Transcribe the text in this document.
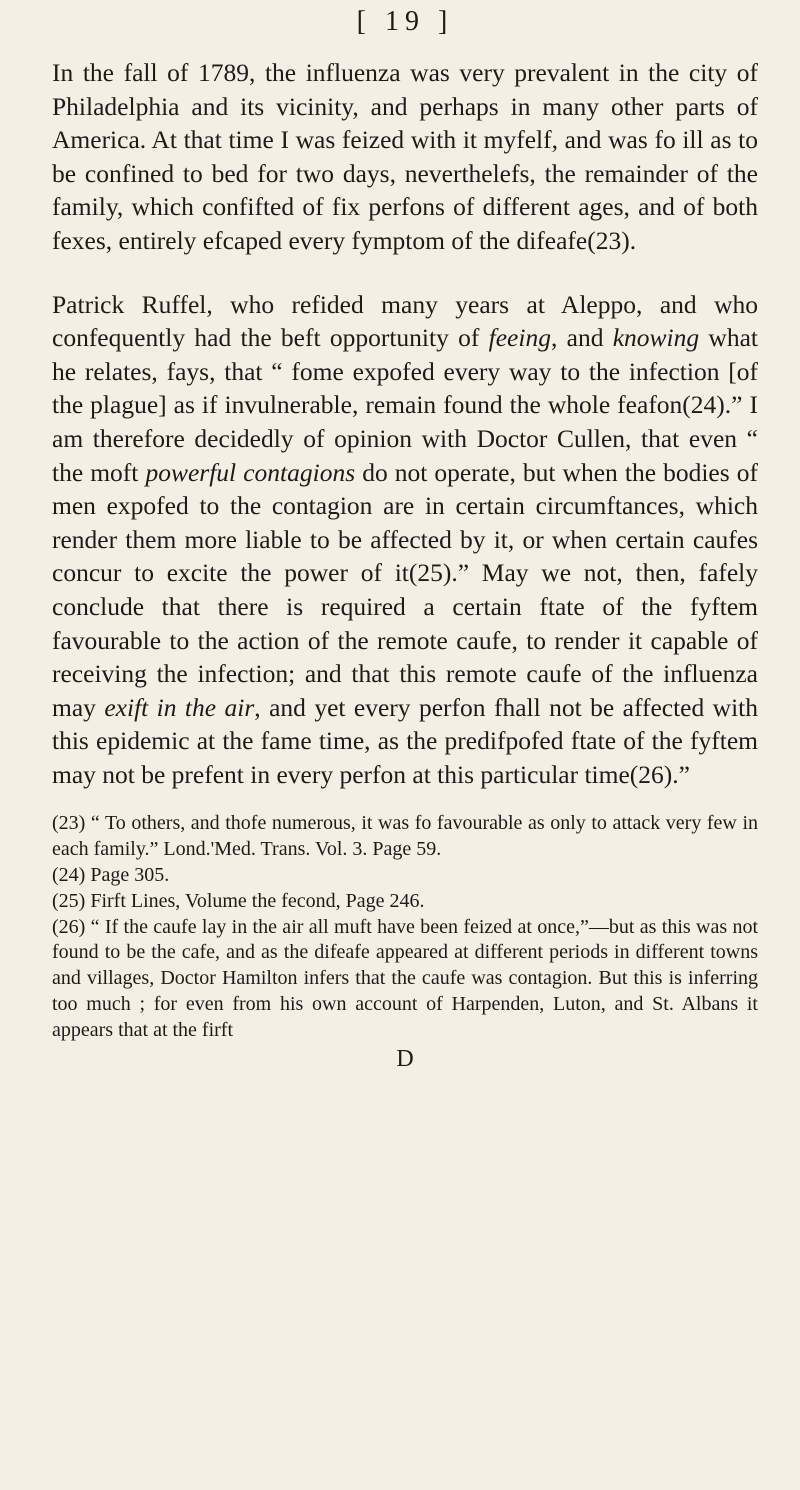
[ 19 ]

In the fall of 1789, the influenza was very prevalent in the city of Philadelphia and its vicinity, and perhaps in many other parts of America. At that time I was feized with it myfelf, and was fo ill as to be confined to bed for two days, neverthelefs, the remainder of the family, which confifted of fix perfons of different ages, and of both fexes, entirely efcaped every fymptom of the difeafe(23).

Patrick Ruffel, who refided many years at Aleppo, and who confequently had the beft opportunity of feeing, and knowing what he relates, fays, that “ fome expofed every way to the infection [of the plague] as if invulnerable, remain found the whole feafon(24).” I am therefore decidedly of opinion with Doctor Cullen, that even “ the moft powerful contagions do not operate, but when the bodies of men expofed to the contagion are in certain circumftances, which render them more liable to be affected by it, or when certain caufes concur to excite the power of it(25).” May we not, then, fafely conclude that there is required a certain ftate of the fyftem favourable to the action of the remote caufe, to render it capable of receiving the infection; and that this remote caufe of the influenza may exift in the air, and yet every perfon fhall not be affected with this epidemic at the fame time, as the predifpofed ftate of the fyftem may not be prefent in every perfon at this particular time(26).”

(23) “ To others, and thofe numerous, it was fo favourable as only to attack very few in each family.” Lond.'Med. Trans. Vol. 3. Page 59.

(24) Page 305.

(25) Firft Lines, Volume the fecond, Page 246.

(26) “ If the caufe lay in the air all muft have been feized at once,”—but as this was not found to be the cafe, and as the difeafe appeared at different periods in different towns and villages, Doctor Hamilton infers that the caufe was contagion. But this is inferring too much ; for even from his own account of Harpenden, Luton, and St. Albans it appears that at the firft

D
